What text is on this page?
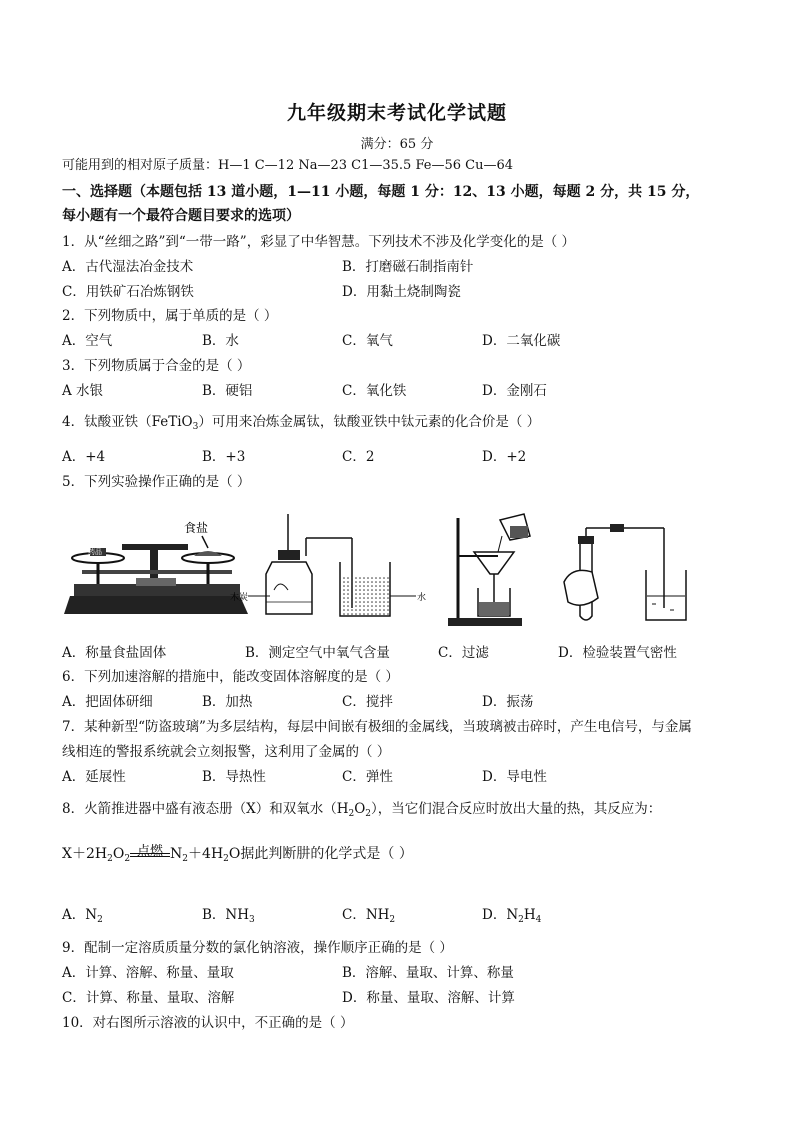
九年级期末考试化学试题
满分：65 分
可能用到的相对原子质量：H—1 C—12 Na—23 C1—35.5 Fe—56 Cu—64
一、选择题（本题包括 13 道小题，1—11 小题，每题 1 分：12、13 小题，每题 2 分，共 15 分，
每小题有一个最符合题目要求的选项）
1．从“丝细之路”到“一带一路”，彩显了中华智慧。下列技术不涉及化学变化的是（ ）
A．古代湿法冶金技术	B．打磨磁石制指南针
C．用铁矿石冶炼钢铁	D．用黏土烧制陶瓷
2．下列物质中，属于单质的是（ ）
A．空气	B．水	C．氧气	D．二氧化碳
3．下列物质属于合金的是（ ）
A 水银	B．硬铝	C．氧化铁	D．金刚石
4．钛酸亚铁（FeTiO$_3$）可用来冶炼金属钛，钛酸亚铁中钛元素的化合价是（ ）
A．+4	B．+3	C．2	D．+2
5．下列实验操作正确的是（ ）
食盐
药品
木炭	水
A．称量食盐固体	B．测定空气中氧气含量	C．过滤	D．检验装置气密性
6．下列加速溶解的措施中，能改变固体溶解度的是（ ）
A．把固体研细	B．加热	C．搅拌	D．振荡
7．某种新型“防盗玻璃”为多层结构，每层中间嵌有极细的金属线，当玻璃被击碎时，产生电信号，与金属
线相连的警报系统就会立刻报警，这利用了金属的（ ）
A．延展性	B．导热性	C．弹性	D．导电性
8．火箭推进器中盛有液态册（X）和双氧水$(H_2O_2)$，当它们混合反应时放出大量的热，其反应为：
$X+2H_2O_2$ 点燃 $N_2+4H_2O$据此判断肼的化学式是（ ）
A．$N_2$	B．$NH_3$	C．$NH_2$	D．$N_2H_4$
9．配制一定溶质质量分数的氯化钠溶液，操作顺序正确的是（ ）
A．计算、溶解、称量、量取	B．溶解、量取、计算、称量
C．计算、称量、量取、溶解	D．称量、量取、溶解、计算
10．对右图所示溶液的认识中，不正确的是（ ）
